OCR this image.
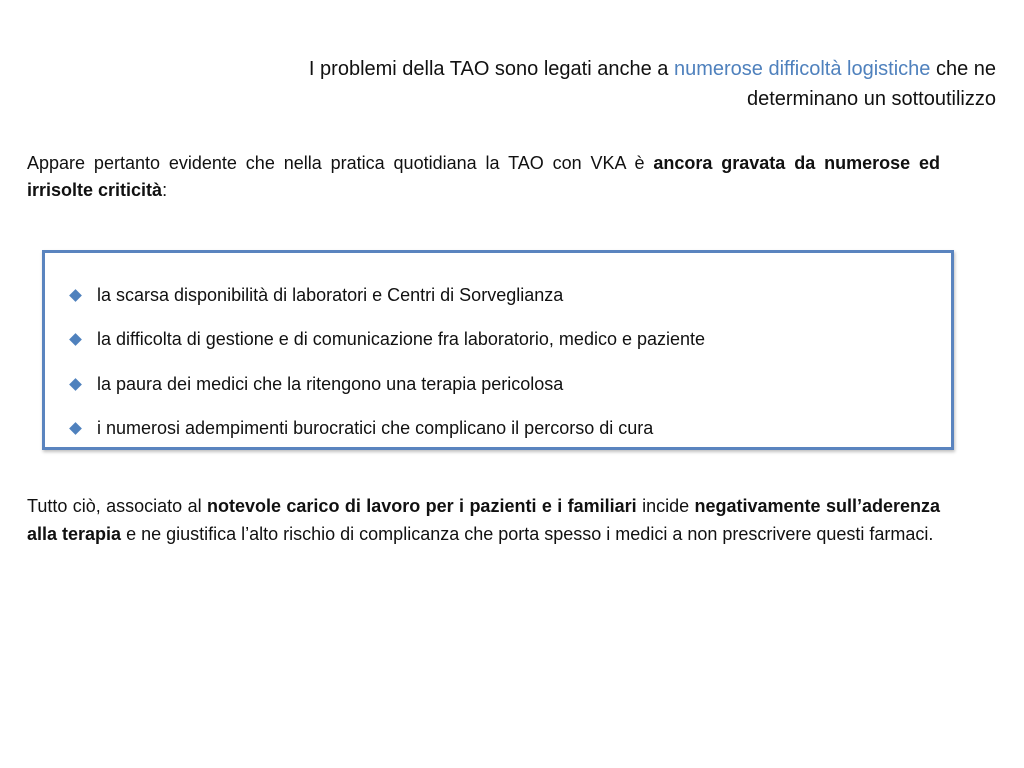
I problemi della TAO sono legati anche a numerose difficoltà logistiche che ne determinano un sottoutilizzo
Appare pertanto evidente che nella pratica quotidiana la TAO con VKA è ancora gravata da numerose ed irrisolte criticità:
la scarsa disponibilità di laboratori e Centri di Sorveglianza
la difficolta di gestione e di comunicazione fra laboratorio, medico e paziente
la paura dei medici che la ritengono una terapia pericolosa
i numerosi adempimenti burocratici che complicano il percorso di cura
Tutto ciò, associato al notevole carico di lavoro per i pazienti e i familiari incide negativamente sull’aderenza alla terapia e ne giustifica l’alto rischio di complicanza che porta spesso i medici a non prescrivere questi farmaci.
